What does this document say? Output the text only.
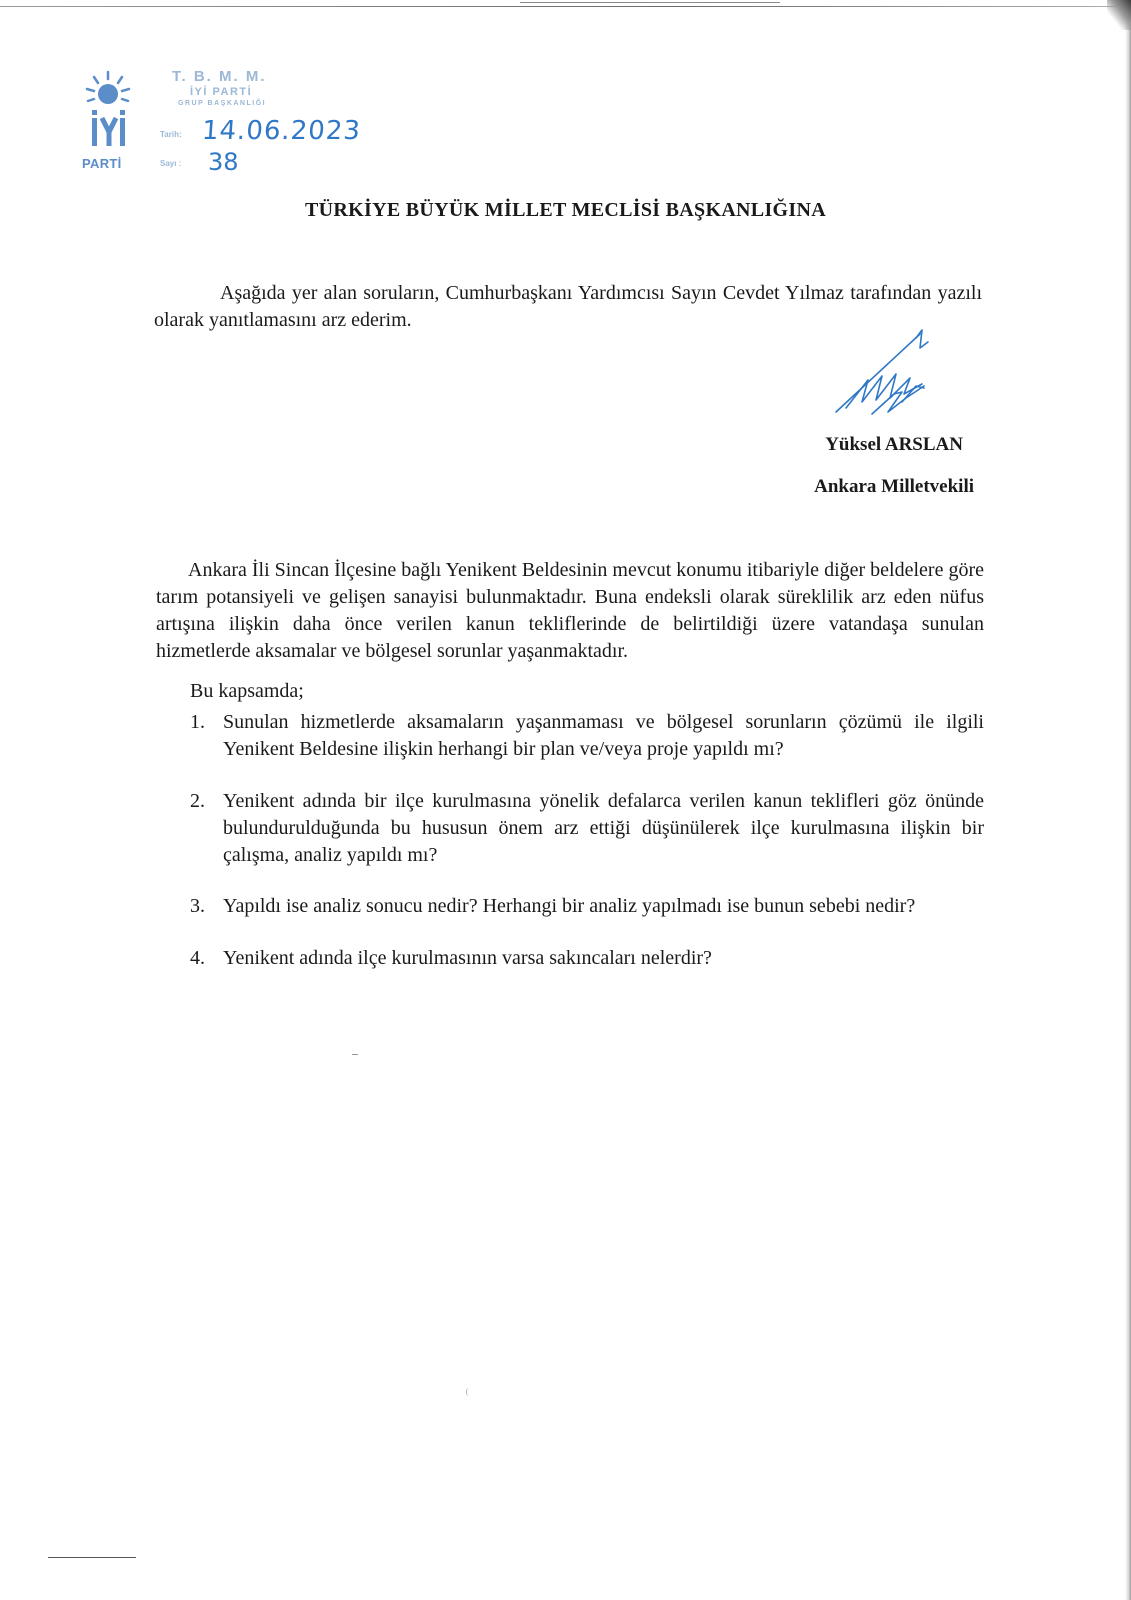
PARTİ
T. B. M. M.
İYİ PARTİ
GRUP BAŞKANLIĞI
Tarih: 14.06.2023
Sayı : 38
TÜRKİYE BÜYÜK MİLLET MECLİSİ BAŞKANLIĞINA

Aşağıda yer alan soruların, Cumhurbaşkanı Yardımcısı Sayın Cevdet Yılmaz tarafından yazılı olarak yanıtlamasını arz ederim.

Yüksel ARSLAN
Ankara Milletvekili

Ankara İli Sincan İlçesine bağlı Yenikent Beldesinin mevcut konumu itibariyle diğer beldelere göre tarım potansiyeli ve gelişen sanayisi bulunmaktadır. Buna endeksli olarak süreklilik arz eden nüfus artışına ilişkin daha önce verilen kanun tekliflerinde de belirtildiği üzere vatandaşa sunulan hizmetlerde aksamalar ve bölgesel sorunlar yaşanmaktadır.

Bu kapsamda;
1. Sunulan hizmetlerde aksamaların yaşanmaması ve bölgesel sorunların çözümü ile ilgili Yenikent Beldesine ilişkin herhangi bir plan ve/veya proje yapıldı mı?
2. Yenikent adında bir ilçe kurulmasına yönelik defalarca verilen kanun teklifleri göz önünde bulundurulduğunda bu hususun önem arz ettiği düşünülerek ilçe kurulmasına ilişkin bir çalışma, analiz yapıldı mı?
3. Yapıldı ise analiz sonucu nedir? Herhangi bir analiz yapılmadı ise bunun sebebi nedir?
4. Yenikent adında ilçe kurulmasının varsa sakıncaları nelerdir?
